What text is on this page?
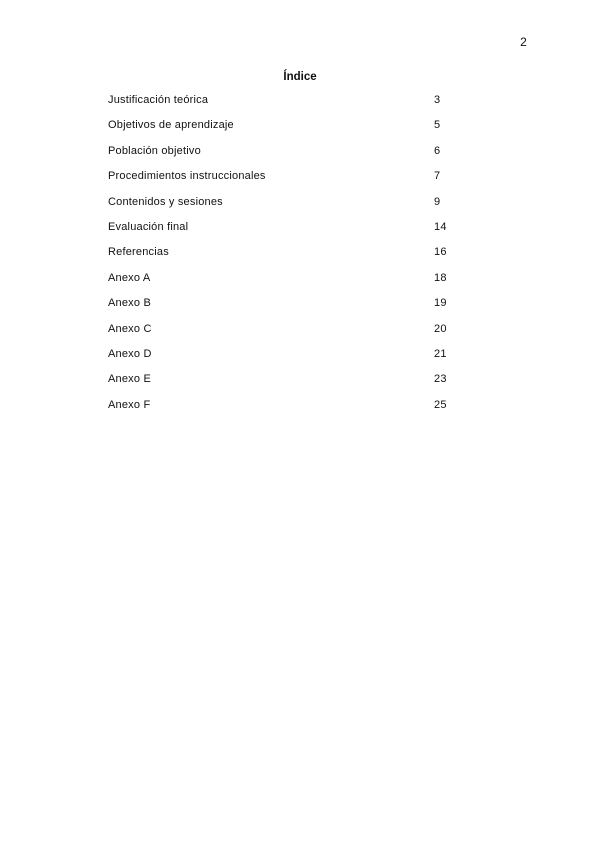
2
Índice
Justificación teórica	3
Objetivos de aprendizaje	5
Población objetivo	6
Procedimientos instruccionales	7
Contenidos y sesiones	9
Evaluación final	14
Referencias	16
Anexo A	18
Anexo B	19
Anexo C	20
Anexo D	21
Anexo E	23
Anexo F	25
